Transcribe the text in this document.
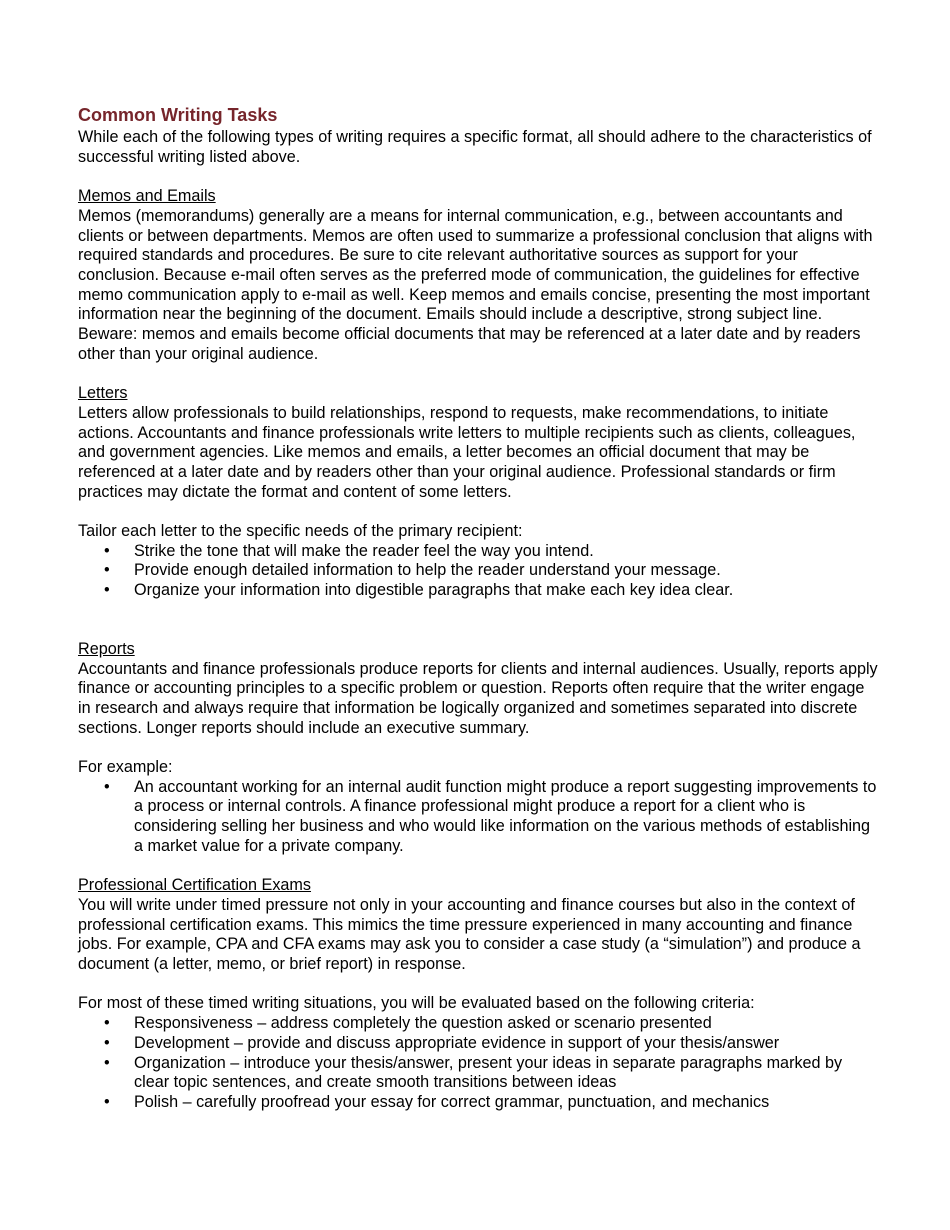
Common Writing Tasks

While each of the following types of writing requires a specific format, all should adhere to the characteristics of successful writing listed above.

Memos and Emails

Memos (memorandums) generally are a means for internal communication, e.g., between accountants and clients or between departments. Memos are often used to summarize a professional conclusion that aligns with required standards and procedures. Be sure to cite relevant authoritative sources as support for your conclusion. Because e-mail often serves as the preferred mode of communication, the guidelines for effective memo communication apply to e-mail as well. Keep memos and emails concise, presenting the most important information near the beginning of the document. Emails should include a descriptive, strong subject line. Beware: memos and emails become official documents that may be referenced at a later date and by readers other than your original audience.

Letters

Letters allow professionals to build relationships, respond to requests, make recommendations, to initiate actions. Accountants and finance professionals write letters to multiple recipients such as clients, colleagues, and government agencies. Like memos and emails, a letter becomes an official document that may be referenced at a later date and by readers other than your original audience. Professional standards or firm practices may dictate the format and content of some letters.

Tailor each letter to the specific needs of the primary recipient:

• Strike the tone that will make the reader feel the way you intend.
• Provide enough detailed information to help the reader understand your message.
• Organize your information into digestible paragraphs that make each key idea clear.

Reports

Accountants and finance professionals produce reports for clients and internal audiences. Usually, reports apply finance or accounting principles to a specific problem or question. Reports often require that the writer engage in research and always require that information be logically organized and sometimes separated into discrete sections. Longer reports should include an executive summary.

For example:

• An accountant working for an internal audit function might produce a report suggesting improvements to a process or internal controls. A finance professional might produce a report for a client who is considering selling her business and who would like information on the various methods of establishing a market value for a private company.

Professional Certification Exams

You will write under timed pressure not only in your accounting and finance courses but also in the context of professional certification exams. This mimics the time pressure experienced in many accounting and finance jobs. For example, CPA and CFA exams may ask you to consider a case study (a “simulation”) and produce a document (a letter, memo, or brief report) in response.

For most of these timed writing situations, you will be evaluated based on the following criteria:

• Responsiveness – address completely the question asked or scenario presented
• Development – provide and discuss appropriate evidence in support of your thesis/answer
• Organization – introduce your thesis/answer, present your ideas in separate paragraphs marked by clear topic sentences, and create smooth transitions between ideas
• Polish – carefully proofread your essay for correct grammar, punctuation, and mechanics
